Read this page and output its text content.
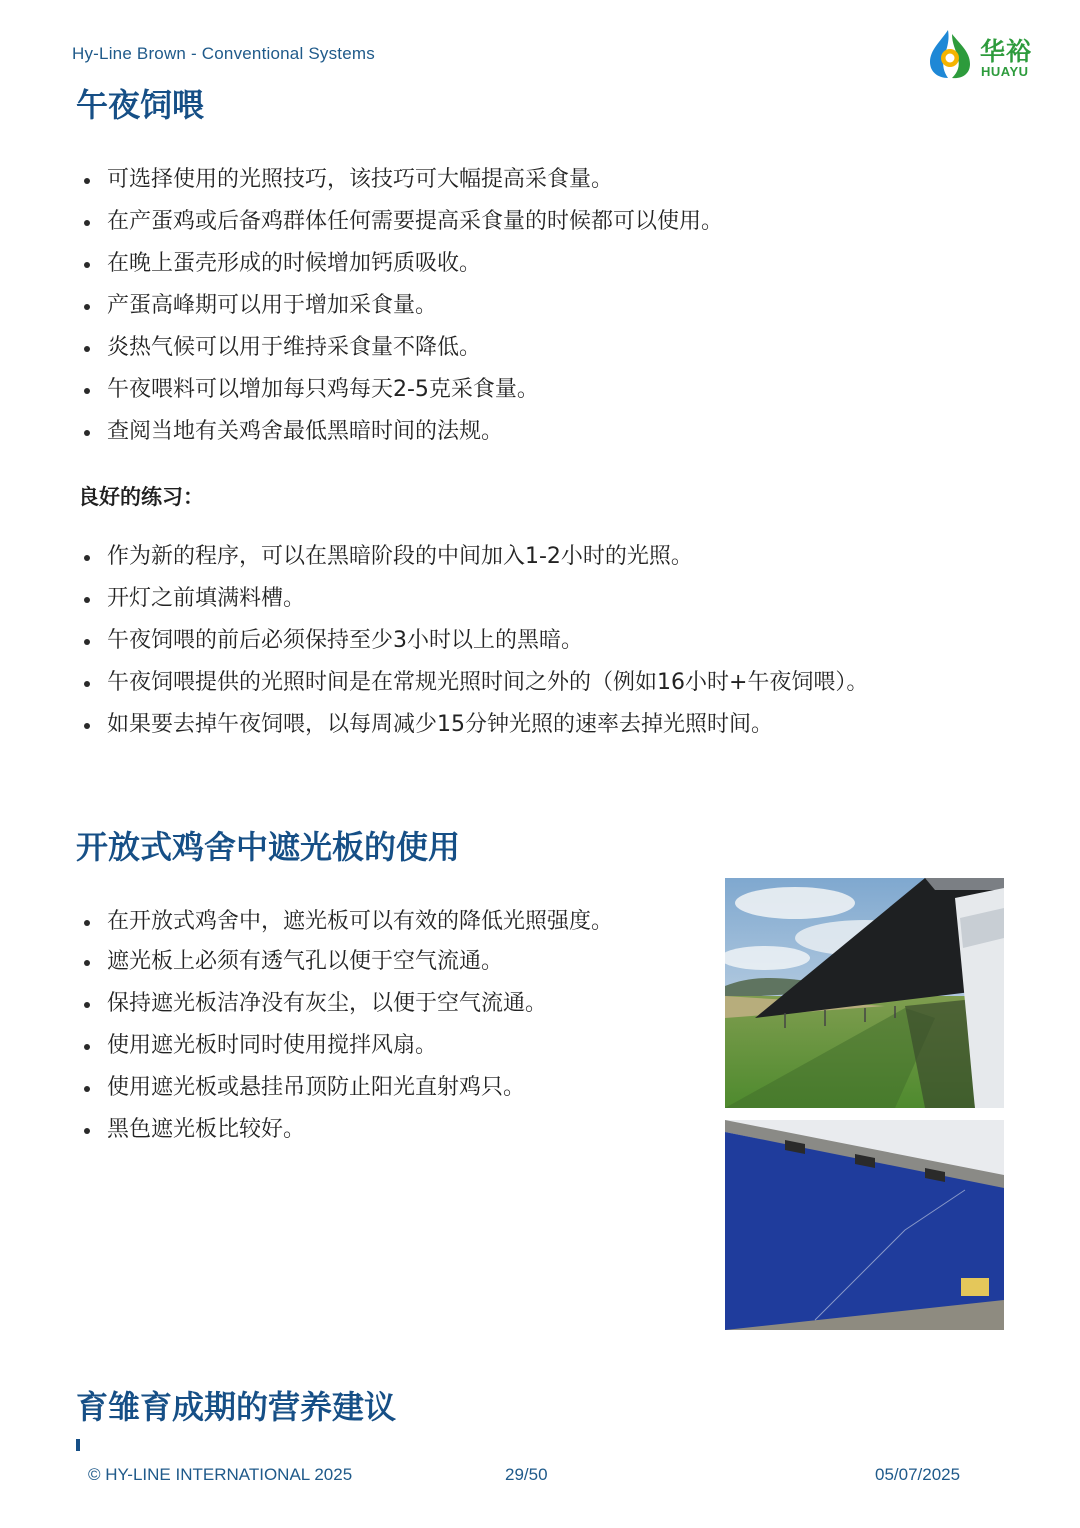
Hy-Line Brown - Conventional Systems	华裕
HUAYU
午夜饲喂
可选择使用的光照技巧，该技巧可大幅提高采食量。
在产蛋鸡或后备鸡群体任何需要提高采食量的时候都可以使用。
在晚上蛋壳形成的时候增加钙质吸收。
产蛋高峰期可以用于增加采食量。
炎热气候可以用于维持采食量不降低。
午夜喂料可以增加每只鸡每天2-5克采食量。
查阅当地有关鸡舍最低黑暗时间的法规。
良好的练习：
作为新的程序，可以在黑暗阶段的中间加入1-2小时的光照。
开灯之前填满料槽。
午夜饲喂的前后必须保持至少3小时以上的黑暗。
午夜饲喂提供的光照时间是在常规光照时间之外的（例如16小时+午夜饲喂）。
如果要去掉午夜饲喂，以每周减少15分钟光照的速率去掉光照时间。
开放式鸡舍中遮光板的使用
在开放式鸡舍中，遮光板可以有效的降低光照强度。
遮光板上必须有透气孔以便于空气流通。
保持遮光板洁净没有灰尘，以便于空气流通。
使用遮光板时同时使用搅拌风扇。
使用遮光板或悬挂吊顶防止阳光直射鸡只。
黑色遮光板比较好。
育雏育成期的营养建议
© HY-LINE INTERNATIONAL 2025	29/50	05/07/2025
